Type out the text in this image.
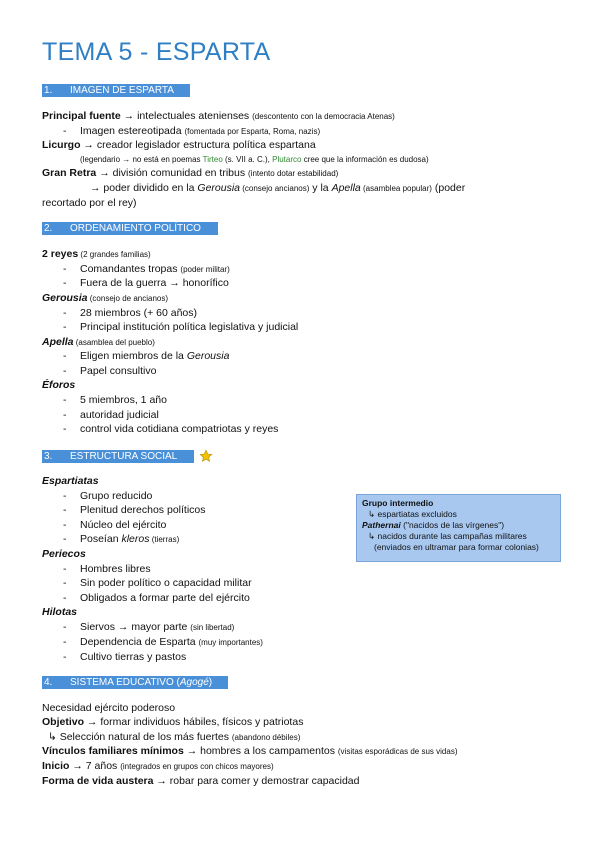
TEMA 5 - ESPARTA
1. IMAGEN DE ESPARTA
Principal fuente → intelectuales atenienses (descontento con la democracia Atenas)
- Imagen estereotipada (fomentada por Esparta, Roma, nazis)
Licurgo → creador legislador estructura política espartana
(legendario → no está en poemas Tirteo (s. VII a. C.), Plutarco cree que la información es dudosa)
Gran Retra → división comunidad en tribus (intento dotar estabilidad)
→ poder dividido en la Gerousia (consejo ancianos) y la Apella (asamblea popular) (poder
recortado por el rey)
2. ORDENAMIENTO POLÍTICO
2 reyes (2 grandes familias)
- Comandantes tropas (poder militar)
- Fuera de la guerra → honorífico
Gerousia (consejo de ancianos)
- 28 miembros (+ 60 años)
- Principal institución política legislativa y judicial
Apella (asamblea del pueblo)
- Eligen miembros de la Gerousia
- Papel consultivo
Éforos
- 5 miembros, 1 año
- autoridad judicial
- control vida cotidiana compatriotas y reyes
3. ESTRUCTURA SOCIAL
Espartiatas
- Grupo reducido
- Plenitud derechos políticos
- Núcleo del ejército
- Poseían kleros (tierras)
Periecos
- Hombres libres
- Sin poder político o capacidad militar
- Obligados a formar parte del ejército
Hilotas
- Siervos → mayor parte (sin libertad)
- Dependencia de Esparta (muy importantes)
- Cultivo tierras y pastos
Grupo intermedio
↳ espartiatas excluidos
Pathernai ("nacidos de las vírgenes")
↳ nacidos durante las campañas militares
(enviados en ultramar para formar colonias)
4. SISTEMA EDUCATIVO (Agogé)
Necesidad ejército poderoso
Objetivo → formar individuos hábiles, físicos y patriotas
↳ Selección natural de los más fuertes (abandono débiles)
Vínculos familiares mínimos → hombres a los campamentos (visitas esporádicas de sus vidas)
Inicio → 7 años (integrados en grupos con chicos mayores)
Forma de vida austera → robar para comer y demostrar capacidad
